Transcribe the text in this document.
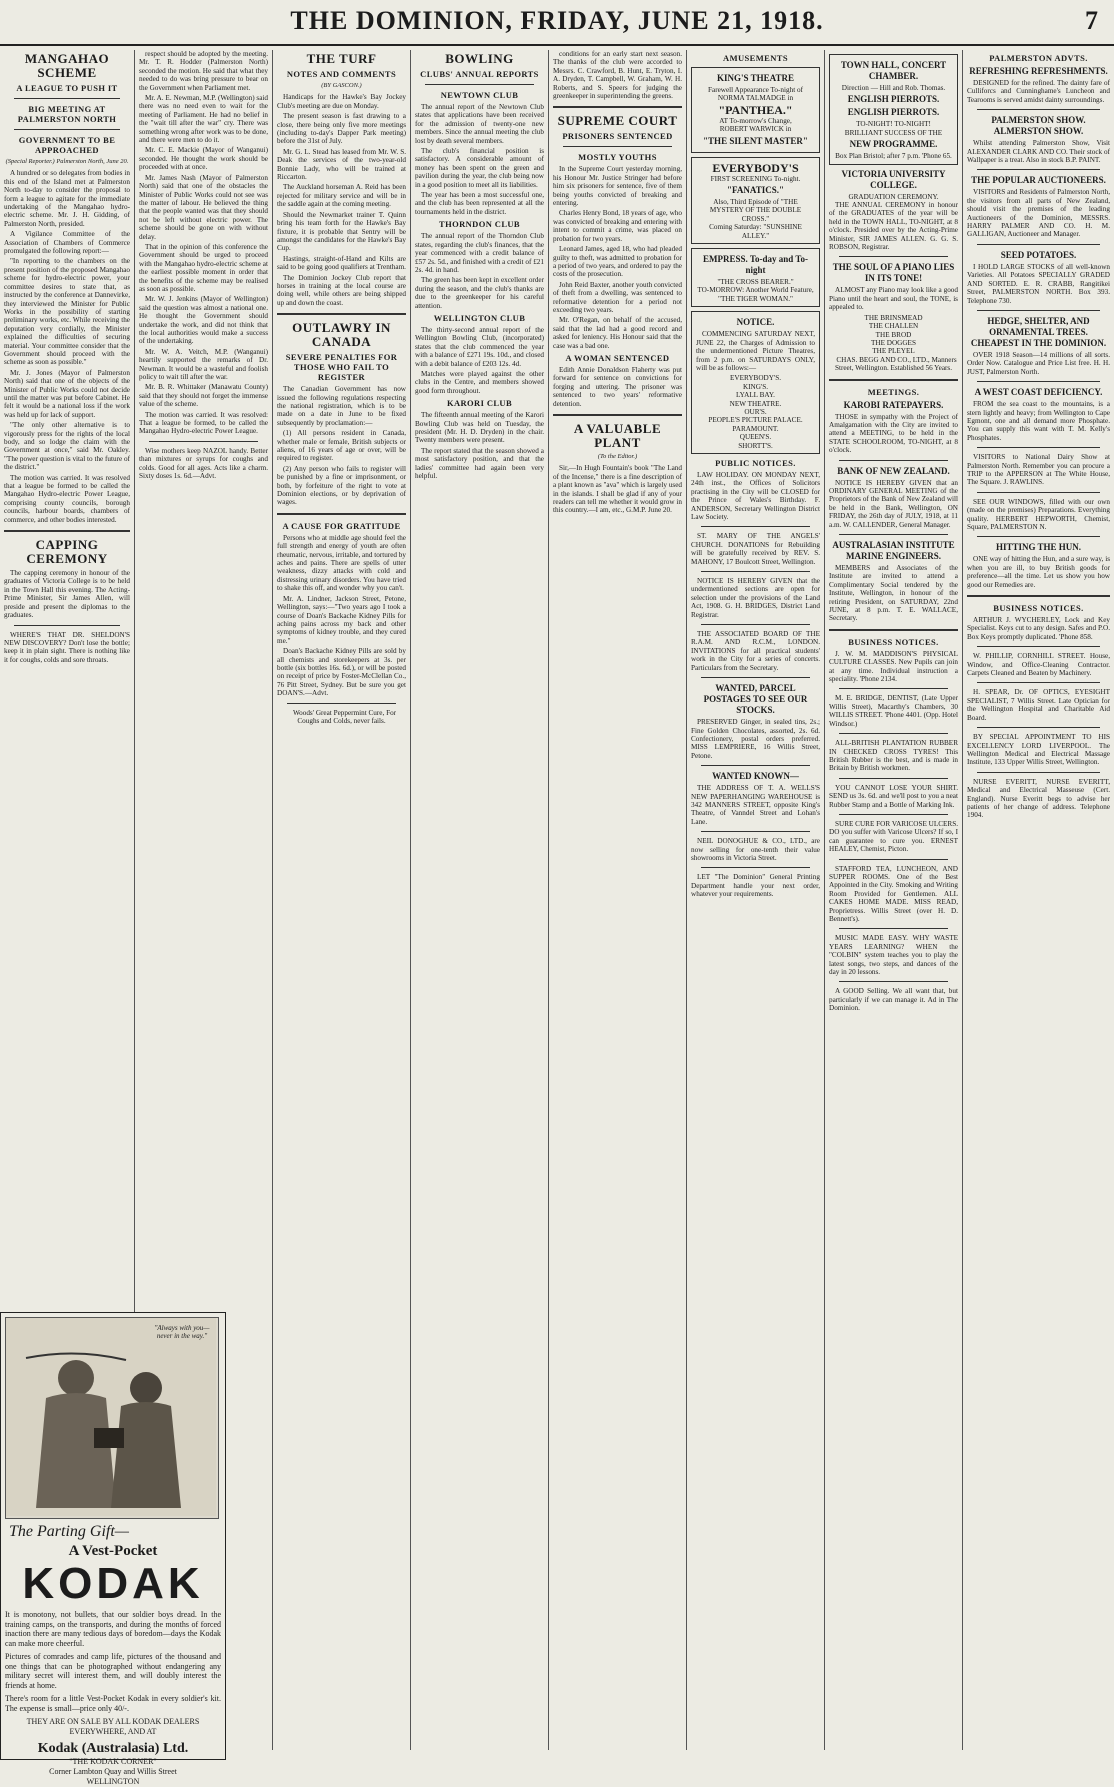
THE DOMINION, FRIDAY, JUNE 21, 1918.	7
MANGAHAO SCHEME
A LEAGUE TO PUSH IT
BIG MEETING AT PALMERSTON NORTH
GOVERNMENT TO BE APPROACHED
(Special Reporter.) Palmerston North, June 20.

A hundred or so delegates from bodies in this end of the Island met at Palmerston North to-day to consider the proposal to form a league to agitate for the immediate undertaking of the Mangahao hydro-electric scheme. Mr. J. H. Gidding, of Palmerston North, presided.

A Vigilance Committee of the Association of Chambers of Commerce promulgated the following report:—

"In reporting to the chambers on the present position of the proposed Mangahao scheme for hydro-electric power, your committee desires to state that, as instructed by the conference at Dannevirke, they interviewed the Minister for Public Works in the possibility of starting preliminary works, etc. While receiving the deputation very cordially, the Minister explained the difficulties of securing material. Your committee consider that the Government should proceed with the scheme as soon as possible."

Mr. J. Jones (Mayor of Palmerston North) said that one of the objects of the Minister of Public Works could not decide until the matter was put before Cabinet. He felt it would be a national loss if the work was held up for lack of support.

"The only other alternative is to vigorously press for the rights of the local body, and so lodge the claim with the Government at once," said Mr. Oakley. "The power question is vital to the future of the district."

The motion was carried. It was resolved that a league be formed to be called the Mangahao Hydro-electric Power League, comprising county councils, borough councils, harbour boards, chambers of commerce, and other bodies interested.

CAPPING CEREMONY

The capping ceremony in honour of the graduates of Victoria College is to be held in the Town Hall this evening. The Acting-Prime Minister, Sir James Allen, will preside and present the diplomas to the graduates.

WHERE'S THAT DR. SHELDON'S NEW DISCOVERY? Don't lose the bottle; keep it in plain sight. There is nothing like it for coughs, colds and sore throats.

respect should be adopted by the meeting. Mr. T. R. Hodder (Palmerston North) seconded the motion. He said that what they needed to do was bring pressure to bear on the Government when Parliament met.

Mr. A. E. Newman, M.P. (Wellington) said there was no need even to wait for the meeting of Parliament. He had no belief in the "wait till after the war" cry. There was something wrong after work was to be done, and there were men to do it.

Mr. C. E. Mackie (Mayor of Wanganui) seconded. He thought the work should be proceeded with at once.

Mr. James Nash (Mayor of Palmerston North) said that one of the obstacles the Minister of Public Works could not see was the matter of labour. He believed the thing that the people wanted was that they should not be left without electric power. The scheme should be gone on with without delay.

That in the opinion of this conference the Government should be urged to proceed with the Mangahao hydro-electric scheme at the earliest possible moment in order that the benefits of the scheme may be realised as soon as possible.

Mr. W. J. Jenkins (Mayor of Wellington) said the question was almost a national one. He thought the Government should undertake the work, and did not think that the local authorities would make a success of the undertaking.

Mr. W. A. Veitch, M.P. (Wanganui) heartily supported the remarks of Dr. Newman. It would be a wasteful and foolish policy to wait till after the war.

Mr. B. R. Whittaker (Manawatu County) said that they should not forget the immense value of the scheme.

The motion was carried. It was resolved: That a league be formed, to be called the Mangahao Hydro-electric Power League.

Wise mothers keep NAZOL handy. Better than mixtures or syrups for coughs and colds. Good for all ages. Acts like a charm. Sixty doses 1s. 6d.—Advt.

"Always with you—never in the way."
The Parting Gift—
A Vest-Pocket
KODAK
It is monotony, not bullets, that our soldier boys dread. In the training camps, on the transports, and during the months of forced inaction there are many tedious days of boredom—days the Kodak can make more cheerful.
Pictures of comrades and camp life, pictures of the thousand and one things that can be photographed without endangering any military secret will interest them, and will doubly interest the friends at home.
There's room for a little Vest-Pocket Kodak in every soldier's kit. The expense is small—price only 40/-.
THEY ARE ON SALE BY ALL KODAK DEALERS EVERYWHERE, AND AT
Kodak (Australasia) Ltd.
"THE KODAK CORNER"
Corner Lambton Quay and Willis Street
WELLINGTON
THE TURF
NOTES AND COMMENTS
(BY GASCON.)

Handicaps for the Hawke's Bay Jockey Club's meeting are due on Monday.

The present season is fast drawing to a close, there being only five more meetings (including to-day's Dapper Park meeting) before the 31st of July.

Mr. G. L. Stead has leased from Mr. W. S. Deak the services of the two-year-old Bonnie Lady, who will be trained at Riccarton.

The Auckland horseman A. Reid has been rejected for military service and will be in the saddle again at the coming meeting.

Should the Newmarket trainer T. Quinn bring his team forth for the Hawke's Bay fixture, it is probable that Sentry will be amongst the candidates for the Hawke's Bay Cup.

Hastings, straight-of-Hand and Kilts are said to be going good qualifiers at Trentham.

The Dominion Jockey Club report that horses in training at the local course are doing well, while others are being shipped up and down the coast.

OUTLAWRY IN CANADA
SEVERE PENALTIES FOR THOSE WHO FAIL TO REGISTER

The Canadian Government has now issued the following regulations respecting the national registration, which is to be made on a date in June to be fixed subsequently by proclamation:—

(1) All persons resident in Canada, whether male or female, British subjects or aliens, of 16 years of age or over, will be required to register.

(2) Any person who fails to register will be punished by a fine or imprisonment, or both, by forfeiture of the right to vote at Dominion elections, or by deprivation of wages.

A CAUSE FOR GRATITUDE

Persons who at middle age should feel the full strength and energy of youth are often rheumatic, nervous, irritable, and tortured by aches and pains. There are spells of utter weakness, dizzy attacks with cold and distressing urinary disorders. You have tried to shake this off, and wonder why you can't.

Mr. A. Lindner, Jackson Street, Petone, Wellington, says:—"Two years ago I took a course of Doan's Backache Kidney Pills for aching pains across my back and other symptoms of kidney trouble, and they cured me."

Doan's Backache Kidney Pills are sold by all chemists and storekeepers at 3s. per bottle (six bottles 16s. 6d.), or will be posted on receipt of price by Foster-McClellan Co., 76 Pitt Street, Sydney. But be sure you get DOAN'S.—Advt.

Woods' Great Peppermint Cure, For Coughs and Colds, never fails.

BOWLING
CLUBS' ANNUAL REPORTS
NEWTOWN CLUB

The annual report of the Newtown Club states that applications have been received for the admission of twenty-one new members. Since the annual meeting the club lost by death several members.

The club's financial position is satisfactory. A considerable amount of money has been spent on the green and pavilion during the year, the club being now in a good position to meet all its liabilities.

The year has been a most successful one, and the club has been represented at all the tournaments held in the district.

THORNDON CLUB

The annual report of the Thorndon Club states, regarding the club's finances, that the year commenced with a credit balance of £57 2s. 5d., and finished with a credit of £21 2s. 4d. in hand.

The green has been kept in excellent order during the season, and the club's thanks are due to the greenkeeper for his careful attention.

WELLINGTON CLUB

The thirty-second annual report of the Wellington Bowling Club, (incorporated) states that the club commenced the year with a balance of £271 19s. 10d., and closed with a debit balance of £203 12s. 4d.

Matches were played against the other clubs in the Centre, and members showed good form throughout.

KARORI CLUB

The fifteenth annual meeting of the Karori Bowling Club was held on Tuesday, the president (Mr. H. D. Dryden) in the chair. Twenty members were present.

The report stated that the season showed a most satisfactory position, and that the ladies' committee had again been very helpful.

conditions for an early start next season. The thanks of the club were accorded to Messrs. C. Crawford, B. Hunt, E. Tryton, I. A. Dryden, T. Campbell, W. Graham, W. H. Roberts, and S. Speers for judging the greenkeeper in superintending the greens.

SUPREME COURT
PRISONERS SENTENCED
MOSTLY YOUTHS

In the Supreme Court yesterday morning, his Honour Mr. Justice Stringer had before him six prisoners for sentence, five of them being youths convicted of breaking and entering.

Charles Henry Bond, 18 years of age, who was convicted of breaking and entering with intent to commit a crime, was placed on probation for two years.

Leonard James, aged 18, who had pleaded guilty to theft, was admitted to probation for a period of two years, and ordered to pay the costs of the prosecution.

John Reid Baxter, another youth convicted of theft from a dwelling, was sentenced to reformative detention for a period not exceeding two years.

Mr. O'Regan, on behalf of the accused, said that the lad had a good record and asked for leniency. His Honour said that the case was a bad one.

A WOMAN SENTENCED

Edith Annie Donaldson Flaherty was put forward for sentence on convictions for forging and uttering. The prisoner was sentenced to two years' reformative detention.

A VALUABLE PLANT
(To the Editor.)

Sir,—In Hugh Fountain's book "The Land of the Incense," there is a fine description of a plant known as "ava" which is largely used in the islands. I shall be glad if any of your readers can tell me whether it would grow in this country.—I am, etc., G.M.P. June 20.

AMUSEMENTS
KING'S THEATRE
Farewell Appearance To-night of NORMA TALMADGE in
"PANTHEA."
AT To-morrow's Change,
ROBERT WARWICK in
"THE SILENT MASTER"
EVERYBODY'S
FIRST SCREENING To-night.
"FANATICS."
Also, Third Episode of "THE MYSTERY OF THE DOUBLE CROSS."
Coming Saturday: "SUNSHINE ALLEY."
EMPRESS. To-day and To-night
"THE CROSS BEARER."
TO-MORROW: Another World Feature,
"THE TIGER WOMAN."
NOTICE.

COMMENCING SATURDAY NEXT, JUNE 22, the Charges of Admission to the undermentioned Picture Theatres, from 2 p.m. on SATURDAYS ONLY, will be as follows:—

EVERYBODY'S.
KING'S.
LYALL BAY.
NEW THEATRE.
OUR'S.
PEOPLE'S PICTURE PALACE.
PARAMOUNT.
QUEEN'S.
SHORTT'S.
PUBLIC NOTICES.

LAW HOLIDAY. ON MONDAY NEXT, 24th inst., the Offices of Solicitors practising in the City will be CLOSED for the Prince of Wales's Birthday. F. ANDERSON, Secretary Wellington District Law Society.

ST. MARY OF THE ANGELS' CHURCH. DONATIONS for Rebuilding will be gratefully received by REV. S. MAHONY, 17 Boulcott Street, Wellington.

NOTICE IS HEREBY GIVEN that the undermentioned sections are open for selection under the provisions of the Land Act, 1908. G. H. BRIDGES, District Land Registrar.

THE ASSOCIATED BOARD OF THE R.A.M. AND R.C.M., LONDON. INVITATIONS for all practical students' work in the City for a series of concerts. Particulars from the Secretary.

WANTED, PARCEL POSTAGES TO SEE OUR STOCKS.

PRESERVED Ginger, in sealed tins, 2s.; Fine Golden Chocolates, assorted, 2s. 6d. Confectionery, postal orders preferred. MISS LEMPRIERE, 16 Willis Street, Petone.

WANTED KNOWN—

THE ADDRESS OF T. A. WELLS'S NEW PAPERHANGING WAREHOUSE is 342 MANNERS STREET, opposite King's Theatre, of Vanndel Street and Lohan's Lane.

NEIL DONOGHUE & CO., LTD., are now selling for one-tenth their value showrooms in Victoria Street.

LET "The Dominion" General Printing Department handle your next order, whatever your requirements.

TOWN HALL, CONCERT CHAMBER.
Direction — Hill and Rob. Thomas.
ENGLISH PIERROTS.
ENGLISH PIERROTS.
TO-NIGHT! TO-NIGHT!
BRILLIANT SUCCESS OF THE
NEW PROGRAMME.
Box Plan Bristol; after 7 p.m. 'Phone 65.
VICTORIA UNIVERSITY COLLEGE.
GRADUATION CEREMONY.

THE ANNUAL CEREMONY in honour of the GRADUATES of the year will be held in the TOWN HALL, TO-NIGHT, at 8 o'clock. Presided over by the Acting-Prime Minister, SIR JAMES ALLEN. G. G. S. ROBSON, Registrar.

THE SOUL OF A PIANO LIES IN ITS TONE!

ALMOST any Piano may look like a good Piano until the heart and soul, the TONE, is appealed to.

THE BRINSMEAD
THE CHALLEN
THE BROD
THE DOGGES
THE PLEYEL

CHAS. BEGG AND CO., LTD., Manners Street, Wellington. Established 56 Years.

MEETINGS.
KAROBI RATEPAYERS.

THOSE in sympathy with the Project of Amalgamation with the City are invited to attend a MEETING, to be held in the STATE SCHOOLROOM, TO-NIGHT, at 8 o'clock.

BANK OF NEW ZEALAND.

NOTICE IS HEREBY GIVEN that an ORDINARY GENERAL MEETING of the Proprietors of the Bank of New Zealand will be held in the Bank, Wellington, ON FRIDAY, the 26th day of JULY, 1918, at 11 a.m. W. CALLENDER, General Manager.

AUSTRALASIAN INSTITUTE MARINE ENGINEERS.

MEMBERS and Associates of the Institute are invited to attend a Complimentary Social tendered by the Institute, Wellington, in honour of the retiring President, on SATURDAY, 22nd JUNE, at 8 p.m. T. E. WALLACE, Secretary.

BUSINESS NOTICES.

J. W. M. MADDISON'S PHYSICAL CULTURE CLASSES. New Pupils can join at any time. Individual instruction a speciality. 'Phone 2134.

M. E. BRIDGE, DENTIST, (Late Upper Willis Street), Macarthy's Chambers, 30 WILLIS STREET. 'Phone 4401. (Opp. Hotel Windsor.)

ALL-BRITISH PLANTATION RUBBER IN CHECKED CROSS TYRES! This British Rubber is the best, and is made in Britain by British workmen.

YOU CANNOT LOSE YOUR SHIRT. SEND us 3s. 6d. and we'll post to you a neat Rubber Stamp and a Bottle of Marking Ink.

SURE CURE FOR VARICOSE ULCERS. DO you suffer with Varicose Ulcers? If so, I can guarantee to cure you. ERNEST HEALEY, Chemist, Picton.

STAFFORD TEA, LUNCHEON, AND SUPPER ROOMS. One of the Best Appointed in the City. Smoking and Writing Room Provided for Gentlemen. ALL CAKES HOME MADE. MISS READ, Proprietress. Willis Street (over H. D. Bennett's).

MUSIC MADE EASY. WHY WASTE YEARS LEARNING? WHEN the "COLBIN" system teaches you to play the latest songs, two steps, and dances of the day in 20 lessons.

A GOOD Selling. We all want that, but particularly if we can manage it. Ad in The Dominion.

PALMERSTON ADVTS.
REFRESHING REFRESHMENTS.

DESIGNED for the refined. The dainty fare of Culliforcs and Cunninghame's Luncheon and Tearooms is served amidst dainty surroundings.

PALMERSTON SHOW. ALMERSTON SHOW.

Whilst attending Palmerston Show, Visit ALEXANDER CLARK AND CO. Their stock of Wallpaper is a treat. Also in stock B.P. PAINT.

THE POPULAR AUCTIONEERS.

VISITORS and Residents of Palmerston North, the visitors from all parts of New Zealand, should visit the premises of the leading Auctioneers of the Dominion, MESSRS. HARRY PALMER AND CO. H. M. GALLIGAN, Auctioneer and Manager.

SEED POTATOES.

I HOLD LARGE STOCKS of all well-known Varieties. All Potatoes SPECIALLY GRADED AND SORTED. E. R. CRABB, Rangitikei Street, PALMERSTON NORTH. Box 393. Telephone 730.

HEDGE, SHELTER, AND ORNAMENTAL TREES. CHEAPEST IN THE DOMINION.

OVER 1918 Season—14 millions of all sorts. Order Now. Catalogue and Price List free. H. H. JUST, Palmerston North.

A WEST COAST DEFICIENCY.

FROM the sea coast to the mountains, is a stern lightly and heavy; from Wellington to Cape Egmont, one and all demand more Phosphate. You can supply this want with T. M. Kelly's Phosphates.

VISITORS to National Dairy Show at Palmerston North. Remember you can procure a TRIP to the APPERSON at The White House, The Square. J. RAWLINS.

SEE OUR WINDOWS, filled with our own (made on the premises) Preparations. Everything quality. HERBERT HEPWORTH, Chemist, Square, PALMERSTON N.

HITTING THE HUN.

ONE way of hitting the Hun, and a sure way, is when you are ill, to buy British goods for preference—all the time. Let us show you how good our Remedies are.

BUSINESS NOTICES.

ARTHUR J. WYCHERLEY, Lock and Key Specialist. Keys cut to any design. Safes and P.O. Box Keys promptly duplicated. 'Phone 858.

W. PHILLIP, CORNHILL STREET. House, Window, and Office-Cleaning Contractor. Carpets Cleaned and Beaten by Machinery.

H. SPEAR, Dr. OF OPTICS, EYESIGHT SPECIALIST, 7 Willis Street. Late Optician for the Wellington Hospital and Charitable Aid Board.

BY SPECIAL APPOINTMENT TO HIS EXCELLENCY LORD LIVERPOOL. The Wellington Medical and Electrical Massage Institute, 133 Upper Willis Street, Wellington.

NURSE EVERITT, NURSE EVERITT, Medical and Electrical Masseuse (Cert. England). Nurse Everitt begs to advise her patients of her change of address. Telephone 1904.
